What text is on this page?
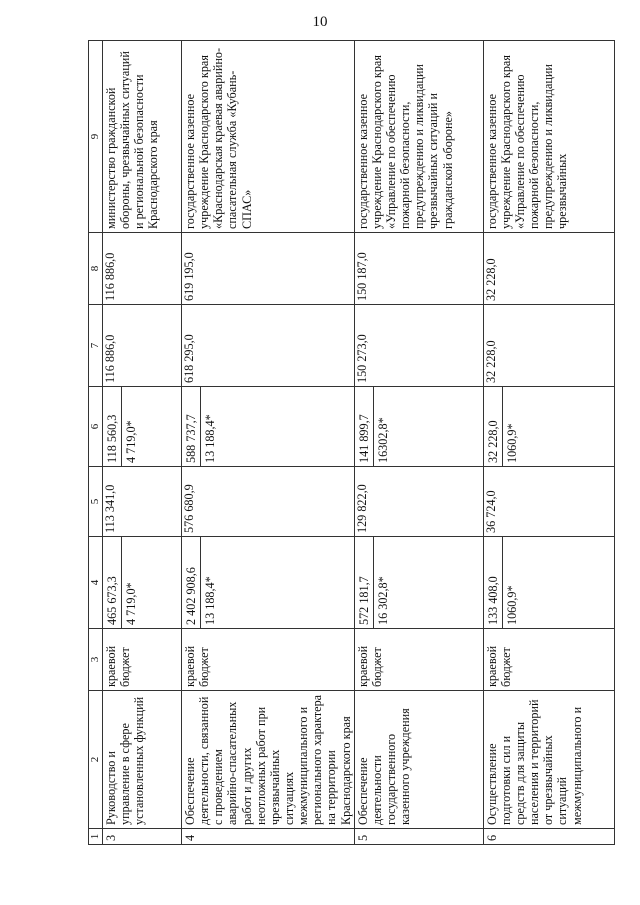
10
1	2	3	4	5	6	7	8	9
3	Руководство и управление в сфере установленных функций	краевой бюджет	465 673,3 4 719,0*	113 341,0	118 560,3 4 719,0*	116 886,0	116 886,0	министерство гражданской обороны, чрезвычайных ситуаций и региональной безопасности Краснодарского края
4	Обеспечение деятельности, связанной с проведением аварийно-спасательных работ и других неотложных работ при чрезвычайных ситуациях межмуниципального и регионального характера на территории Краснодарского края	краевой бюджет	2 402 908,6 13 188,4*	576 680,9	588 737,7 13 188,4*	618 295,0	619 195,0	государственное казенное учреждение Краснодарского края «Краснодарская краевая аварийно-спасательная служба «Кубань-СПАС»
5	Обеспечение деятельности государственного казенного учреждения	краевой бюджет	572 181,7 16 302,8*	129 822,0	141 899,7 16302,8*	150 273,0	150 187,0	государственное казенное учреждение Краснодарского края «Управление по обеспечению пожарной безопасности, предупреждению и ликвидации чрезвычайных ситуаций и гражданской обороне»
6	Осуществление подготовки сил и средств для защиты населения и территорий от чрезвычайных ситуаций межмуниципального и	краевой бюджет	133 408,0 1060,9*	36 724,0	32 228,0 1060,9*	32 228,0	32 228,0	государственное казенное учреждение Краснодарского края «Управление по обеспечению пожарной безопасности, предупреждению и ликвидации чрезвычайных
